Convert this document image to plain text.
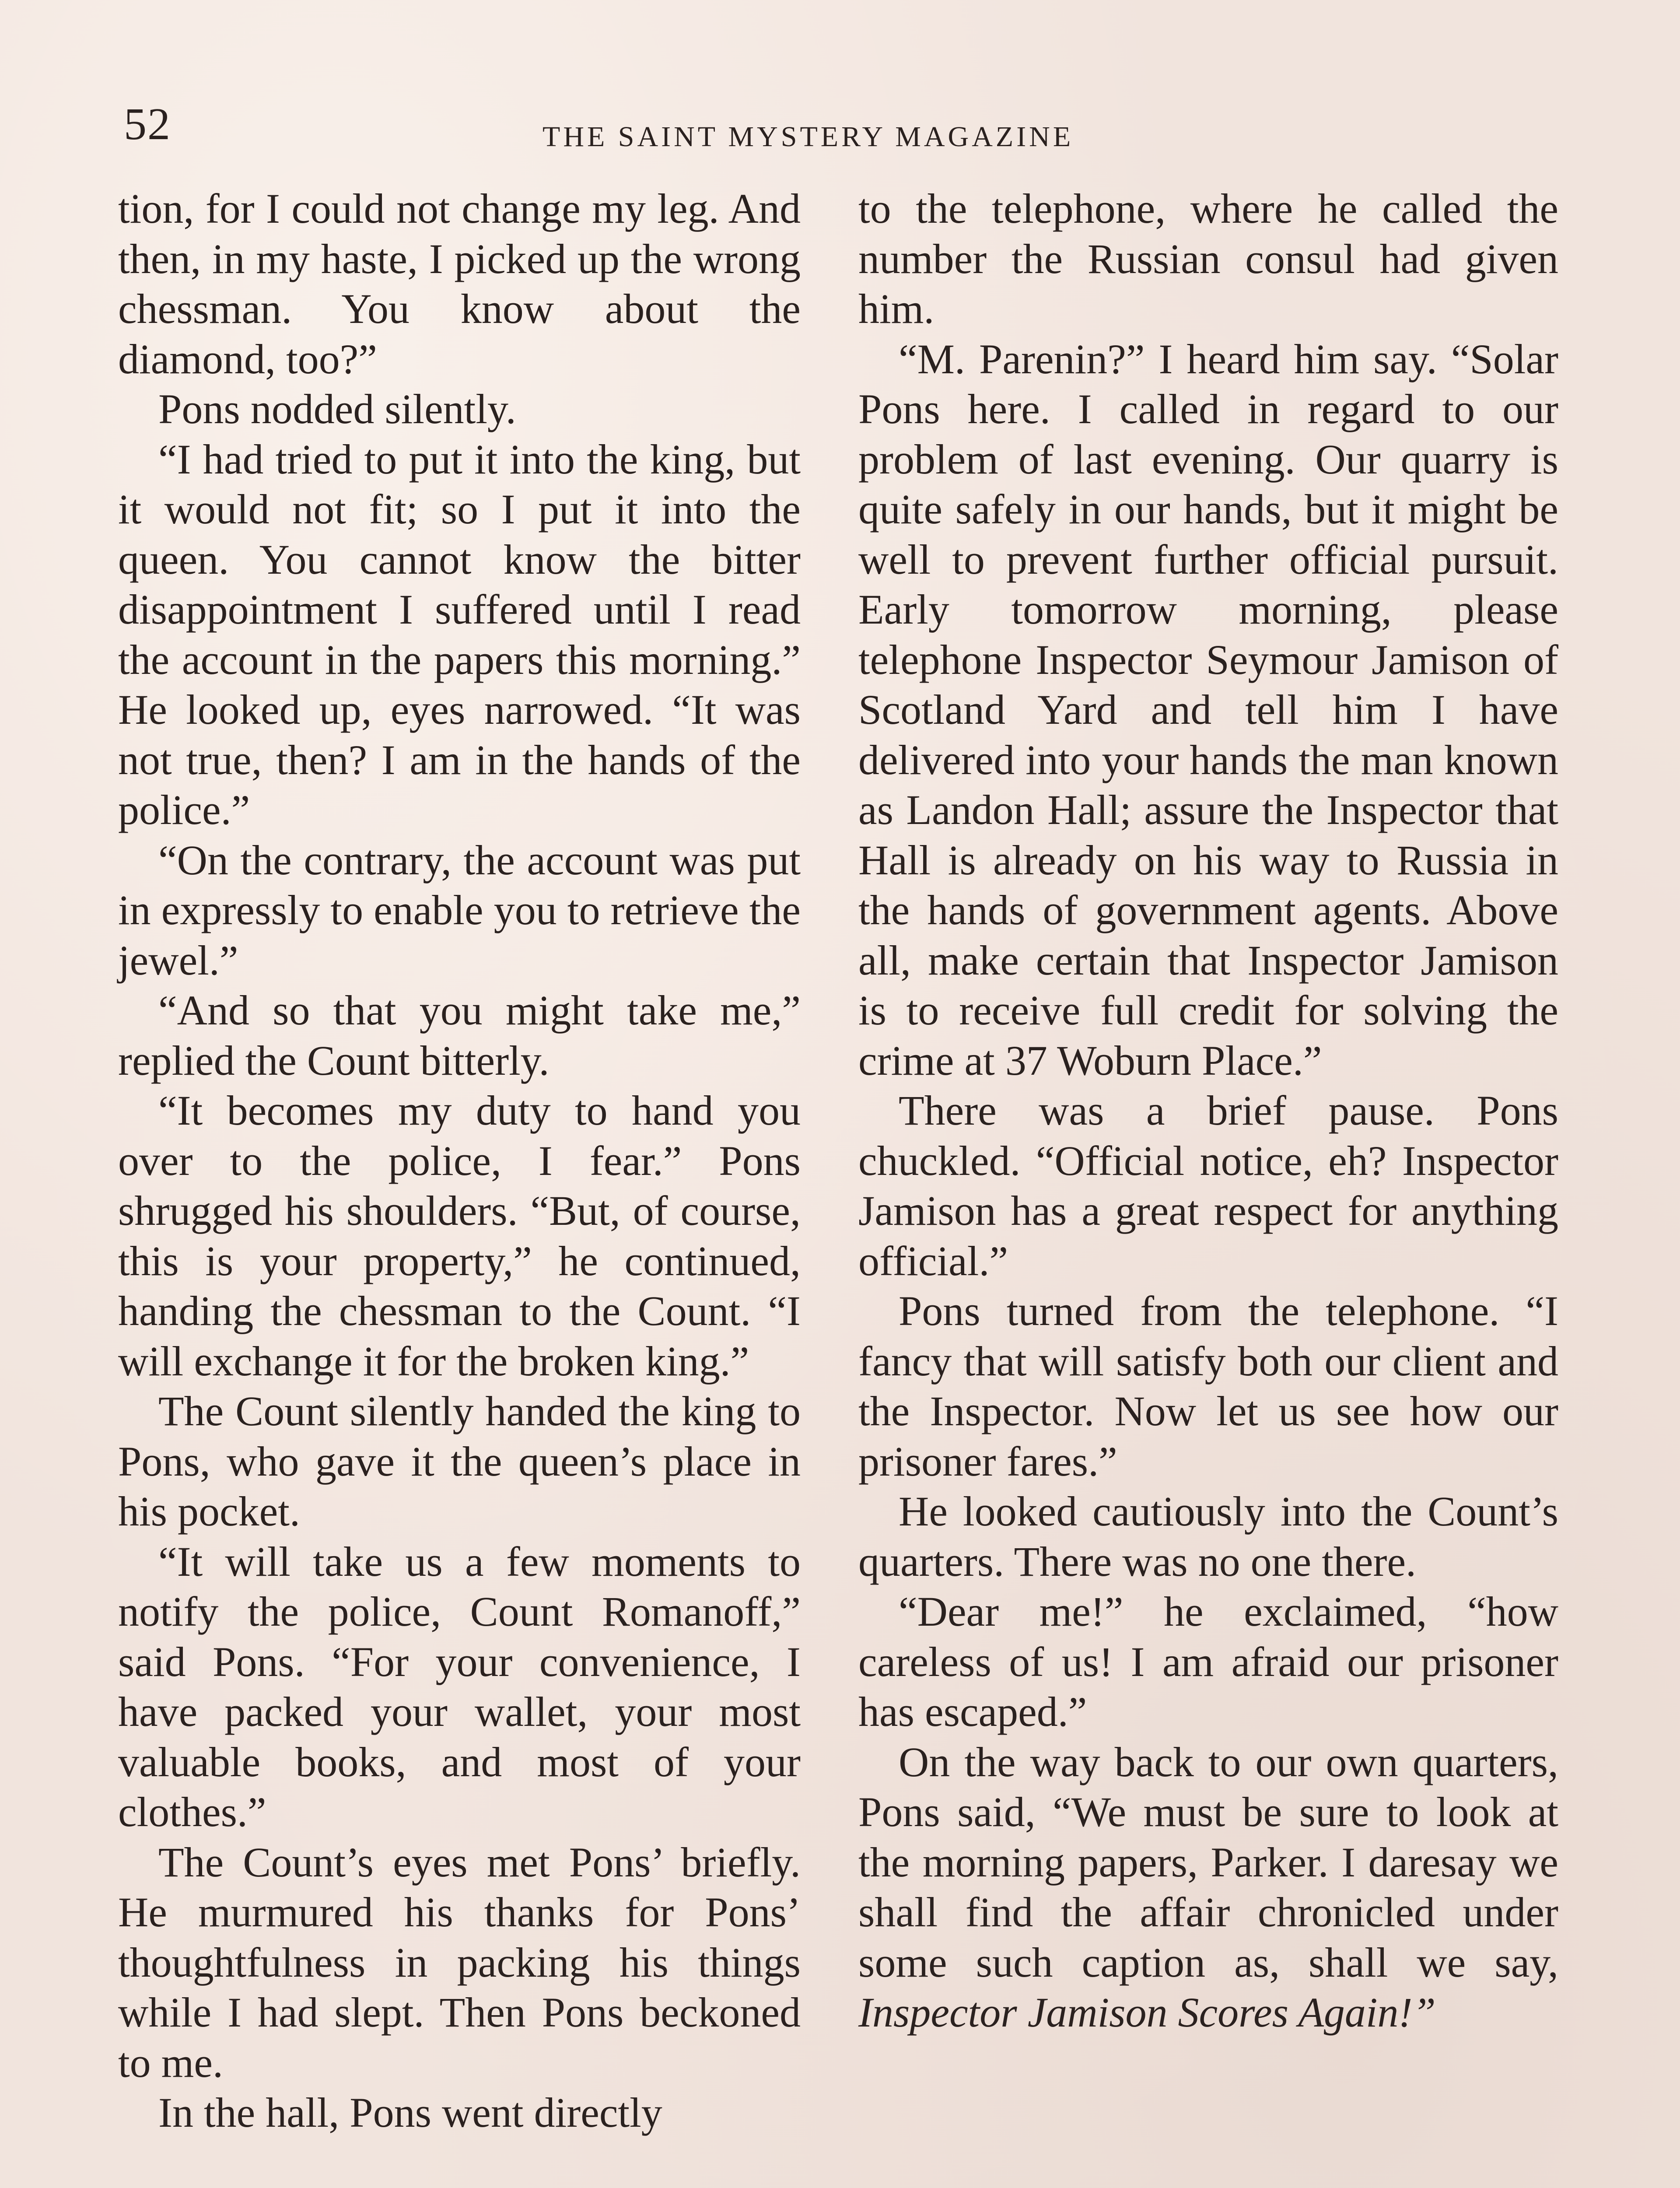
52	THE SAINT MYSTERY MAGAZINE

tion, for I could not change my leg. And then, in my haste, I picked up the wrong chessman. You know about the diamond, too?”

Pons nodded silently.

“I had tried to put it into the king, but it would not fit; so I put it into the queen. You cannot know the bitter disappointment I suffered until I read the account in the papers this morning.” He looked up, eyes narrowed. “It was not true, then? I am in the hands of the police.”

“On the contrary, the account was put in expressly to enable you to retrieve the jewel.”

“And so that you might take me,” replied the Count bitterly.

“It becomes my duty to hand you over to the police, I fear.” Pons shrugged his shoulders. “But, of course, this is your property,” he continued, handing the chessman to the Count. “I will exchange it for the broken king.”

The Count silently handed the king to Pons, who gave it the queen’s place in his pocket.

“It will take us a few moments to notify the police, Count Romanoff,” said Pons. “For your convenience, I have packed your wallet, your most valuable books, and most of your clothes.”

The Count’s eyes met Pons’ briefly. He murmured his thanks for Pons’ thoughtfulness in packing his things while I had slept. Then Pons beckoned to me.

In the hall, Pons went directly

to the telephone, where he called the number the Russian consul had given him.

“M. Parenin?” I heard him say. “Solar Pons here. I called in regard to our problem of last evening. Our quarry is quite safely in our hands, but it might be well to prevent further official pursuit. Early tomorrow morning, please telephone Inspector Seymour Jamison of Scotland Yard and tell him I have delivered into your hands the man known as Landon Hall; assure the Inspector that Hall is already on his way to Russia in the hands of government agents. Above all, make certain that Inspector Jamison is to receive full credit for solving the crime at 37 Woburn Place.”

There was a brief pause. Pons chuckled. “Official notice, eh? Inspector Jamison has a great respect for anything official.”

Pons turned from the telephone. “I fancy that will satisfy both our client and the Inspector. Now let us see how our prisoner fares.”

He looked cautiously into the Count’s quarters. There was no one there.

“Dear me!” he exclaimed, “how careless of us! I am afraid our prisoner has escaped.”

On the way back to our own quarters, Pons said, “We must be sure to look at the morning papers, Parker. I daresay we shall find the affair chronicled under some such caption as, shall we say, Inspector Jamison Scores Again!”
